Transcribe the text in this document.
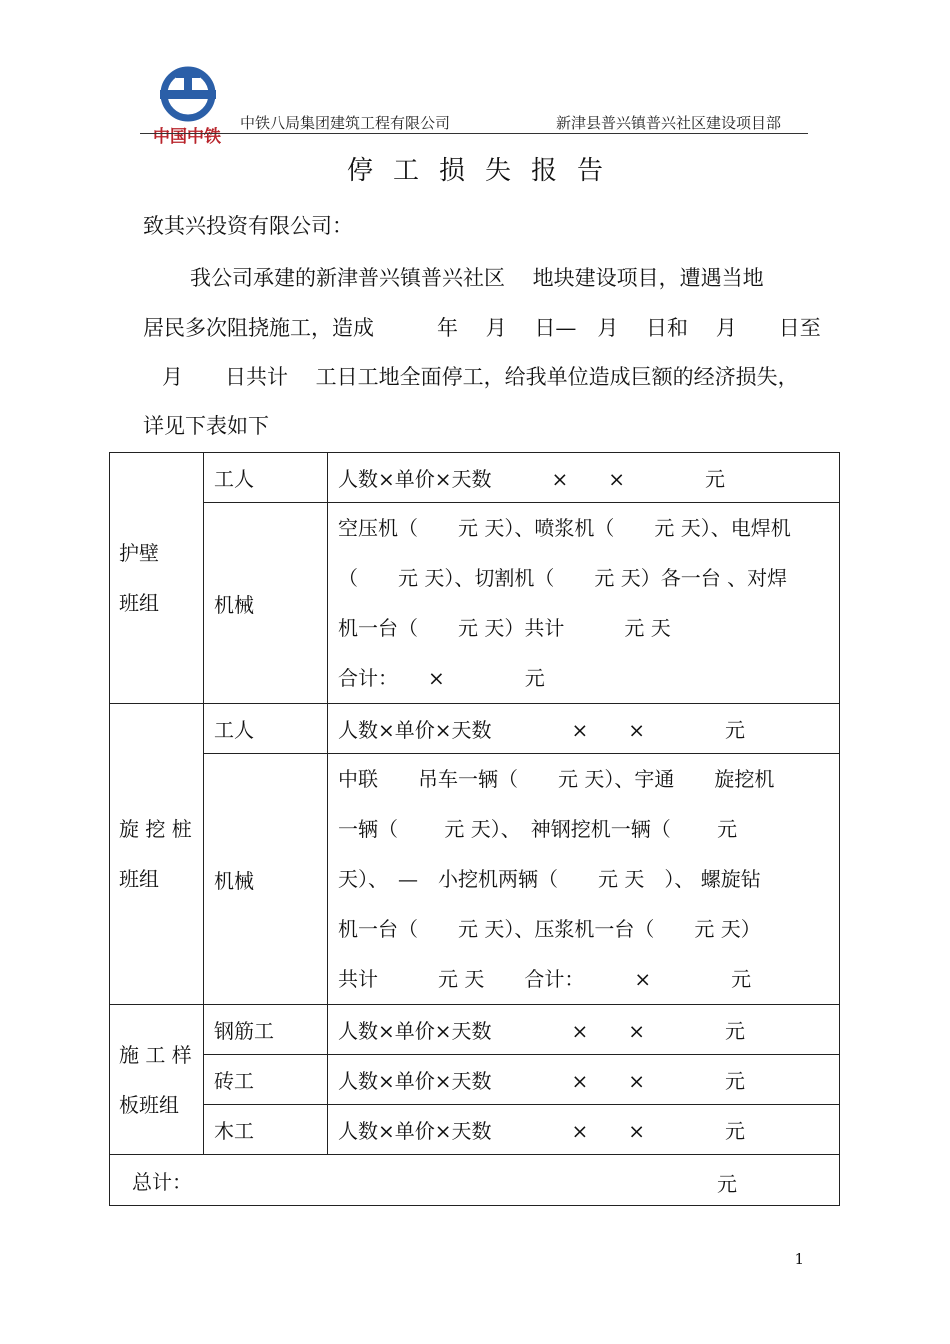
CREC
中国中铁
中铁八局集团建筑工程有限公司	新津县普兴镇普兴社区建设项目部
停工损失报告
致其兴投资有限公司：
我公司承建的新津普兴镇普兴社区　 地块建设项目，遭遇当地
居民多次阻挠施工，造成　　　年　 月　 日—　月　 日和　 月　　日至
月　　日共计　 工日工地全面停工，给我单位造成巨额的经济损失，
详见下表如下
护壁
班组	工人	人数×单价×天数　　　×　　×　　　　元
	机械	空压机（　　元 天）、喷浆机（　　元 天）、电焊机
（　　元 天）、切割机（　　元 天）各一台 、对焊
机一台（　　元 天）共计　　　元 天
合计：　　×　　　　元

旋 挖 桩
班组	工人	人数×单价×天数　　　　×　　×　　　　元
	机械	中联　　吊车一辆（　　元 天）、宇通　　旋挖机
一辆（　　 元 天）、　神钢挖机一辆（　　 元
天）、　—　小挖机两辆（　　元 天　）、 螺旋钻
机一台（　　元 天）、压浆机一台（　　元 天）
共计　　　元 天　　合计：　　　×　　　　元

施 工 样
板班组	钢筋工	人数×单价×天数　　　　×　　×　　　　元
	砖工	人数×单价×天数　　　　×　　×　　　　元
	木工	人数×单价×天数　　　　×　　×　　　　元
总计： 元		
1
